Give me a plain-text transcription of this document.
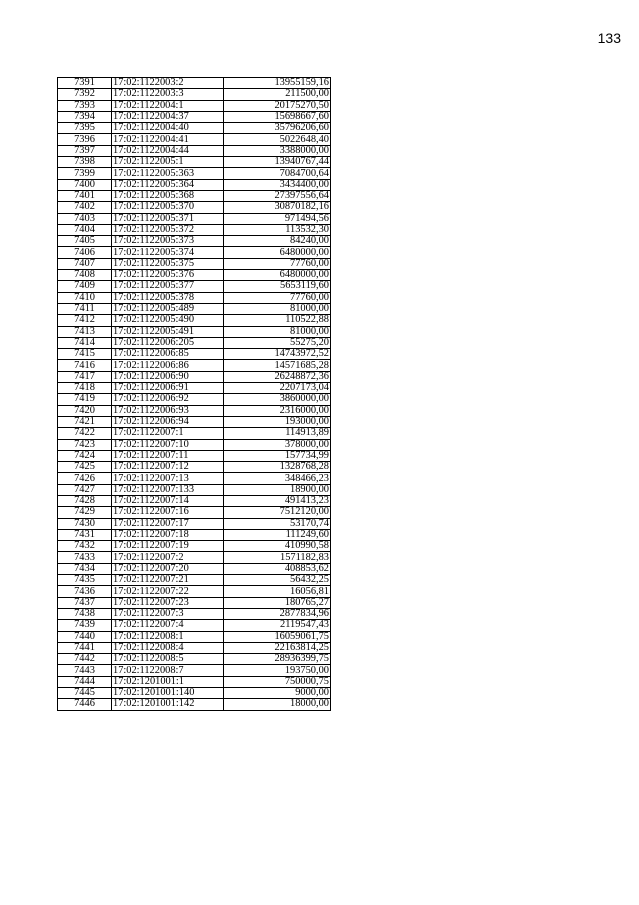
133
7391	17:02:1122003:2	13955159,16
7392	17:02:1122003:3	211500,00
7393	17:02:1122004:1	20175270,50
7394	17:02:1122004:37	15698667,60
7395	17:02:1122004:40	35796206,60
7396	17:02:1122004:41	5022648,40
7397	17:02:1122004:44	3388000,00
7398	17:02:1122005:1	13940767,44
7399	17:02:1122005:363	7084700,64
7400	17:02:1122005:364	3434400,00
7401	17:02:1122005:368	27397556,64
7402	17:02:1122005:370	30870182,16
7403	17:02:1122005:371	971494,56
7404	17:02:1122005:372	113532,30
7405	17:02:1122005:373	84240,00
7406	17:02:1122005:374	6480000,00
7407	17:02:1122005:375	77760,00
7408	17:02:1122005:376	6480000,00
7409	17:02:1122005:377	5653119,60
7410	17:02:1122005:378	77760,00
7411	17:02:1122005:489	81000,00
7412	17:02:1122005:490	110522,88
7413	17:02:1122005:491	81000,00
7414	17:02:1122006:205	55275,20
7415	17:02:1122006:85	14743972,52
7416	17:02:1122006:86	14571685,28
7417	17:02:1122006:90	26248872,36
7418	17:02:1122006:91	2207173,04
7419	17:02:1122006:92	3860000,00
7420	17:02:1122006:93	2316000,00
7421	17:02:1122006:94	193000,00
7422	17:02:1122007:1	114913,89
7423	17:02:1122007:10	378000,00
7424	17:02:1122007:11	157734,99
7425	17:02:1122007:12	1328768,28
7426	17:02:1122007:13	348466,23
7427	17:02:1122007:133	18900,00
7428	17:02:1122007:14	491413,23
7429	17:02:1122007:16	7512120,00
7430	17:02:1122007:17	53170,74
7431	17:02:1122007:18	111249,60
7432	17:02:1122007:19	410990,58
7433	17:02:1122007:2	1571182,83
7434	17:02:1122007:20	408853,62
7435	17:02:1122007:21	56432,25
7436	17:02:1122007:22	16056,81
7437	17:02:1122007:23	180765,27
7438	17:02:1122007:3	2877834,96
7439	17:02:1122007:4	2119547,43
7440	17:02:1122008:1	16059061,75
7441	17:02:1122008:4	22163814,25
7442	17:02:1122008:5	28936399,75
7443	17:02:1122008:7	193750,00
7444	17:02:1201001:1	750000,75
7445	17:02:1201001:140	9000,00
7446	17:02:1201001:142	18000,00
